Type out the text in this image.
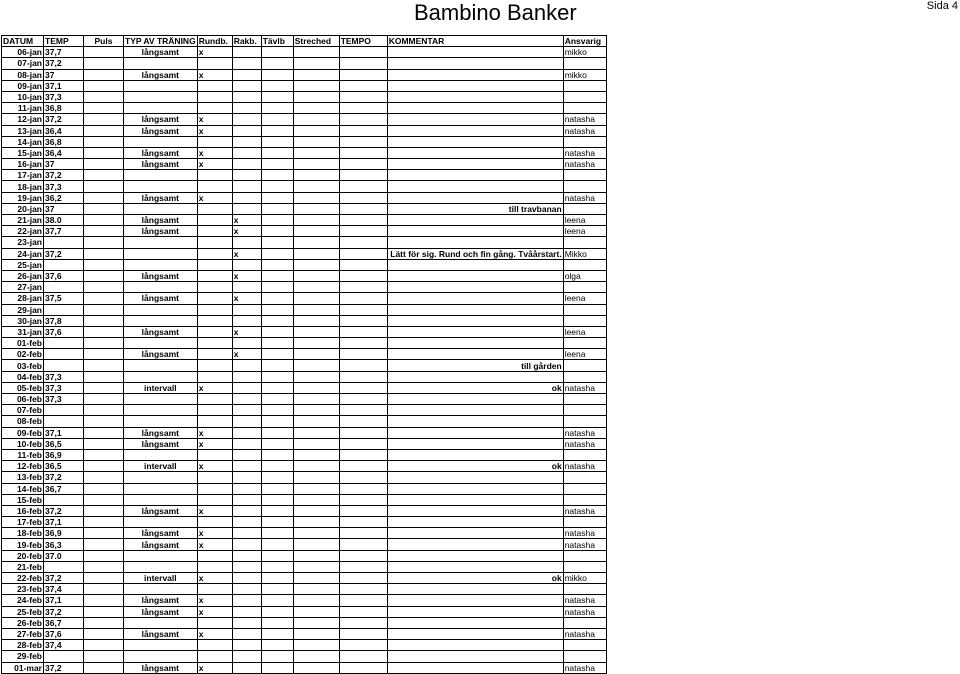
Bambino Banker	Sida 4
DATUM	TEMP	Puls	TYP AV TRÄNING	Rundb.	Rakb.	Tävlb	Streched	TEMPO	KOMMENTAR	Ansvarig
06-jan	37,7		långsamt	x						mikko
07-jan	37,2									
08-jan	37		långsamt	x						mikko
09-jan	37,1									
10-jan	37,3									
11-jan	36,8									
12-jan	37,2		långsamt	x						natasha
13-jan	36,4		långsamt	x						natasha
14-jan	36,8									
15-jan	36,4		långsamt	x						natasha
16-jan	37		långsamt	x						natasha
17-jan	37,2									
18-jan	37,3									
19-jan	36,2		långsamt	x						natasha
20-jan	37								till travbanan	
21-jan	38.0		långsamt		x					leena
22-jan	37,7		långsamt		x					leena
23-jan										
24-jan	37,2				x				Lätt för sig. Rund och fin gång. Tvåårstart.	Mikko
25-jan										
26-jan	37,6		långsamt		x					olga
27-jan										
28-jan	37,5		långsamt		x					leena
29-jan										
30-jan	37,8									
31-jan	37,6		långsamt		x					leena
01-feb										
02-feb			långsamt		x					leena
03-feb									till gården	
04-feb	37,3									
05-feb	37,3		intervall	x					ok	natasha
06-feb	37,3									
07-feb										
08-feb										
09-feb	37,1		långsamt	x						natasha
10-feb	36,5		långsamt	x						natasha
11-feb	36,9									
12-feb	36,5		intervall	x					ok	natasha
13-feb	37,2									
14-feb	36,7									
15-feb										
16-feb	37,2		långsamt	x						natasha
17-feb	37,1									
18-feb	36,9		långsamt	x						natasha
19-feb	36,3		långsamt	x						natasha
20-feb	37.0									
21-feb										
22-feb	37,2		intervall	x					ok	mikko
23-feb	37,4									
24-feb	37,1		långsamt	x						natasha
25-feb	37,2		långsamt	x						natasha
26-feb	36,7									
27-feb	37,6		långsamt	x						natasha
28-feb	37,4									
29-feb										
01-mar	37,2		långsamt	x						natasha
